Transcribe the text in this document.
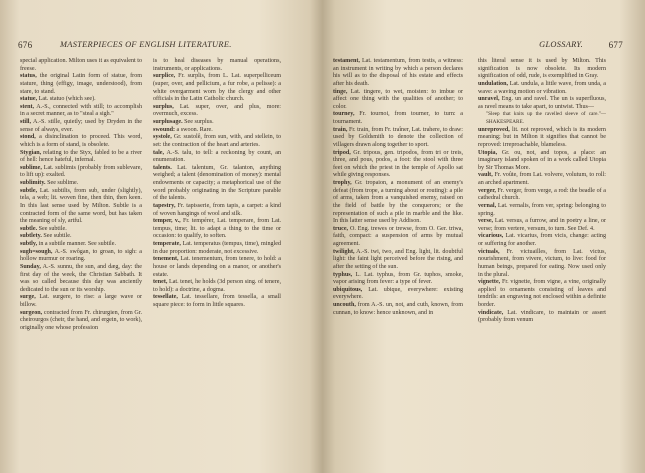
676	MASTERPIECES OF ENGLISH LITERATURE.

special application. Milton uses it as equivalent to freese.

status, the original Latin form of statue, from stature, thing (effigy, image, understood), from stare, to stand.

statue, Lat. statuo (which see).

stent, A.-S., connected with still; to accomplish in a secret manner, as to "steal a sigh."

still, A.-S. stille, quietly; used by Dryden in the sense of always, ever.

stond, a disinclination to proceed. This word, which is a form of stand, is obsolete.

Stygian, relating to the Styx, fabled to be a river of hell: hence hateful, infernal.

sublime, Lat. sublimis (probably from sublevare, to lift up): exalted.

sublimity. See sublime.

subtle, Lat. subtilis, from sub, under (slightly), tela, a web; lit. woven fine, then thin, then keen. In this last sense used by Milton. Subtle is a contracted form of the same word, but has taken the meaning of sly, artful.

subtle. See subtile.

subtlety. See subtile.

subtly, in a subtile manner. See subtile.

sugh=sough, A.-S. swôgan, to groan, to sigh: a hollow murmur or roaring.

Sunday, A.-S. sunnu, the sun, and dæg, day: the first day of the week, the Christian Sabbath. It was so called because this day was anciently dedicated to the sun or its worship.

surge, Lat. surgere, to rise: a large wave or billow.

surgeon, contracted from Fr. chirurgien, from Gr. cheirourgos (cheir, the hand, and ergein, to work), originally one whose profession

is to heal diseases by manual operations, instruments, or applications.

surplice, Fr. surplis, from L. Lat. superpelliceum (super, over, and pellicium, a fur robe, a pelisse): a white overgarment worn by the clergy and other officials in the Latin Catholic church.

surplus, Lat. super, over, and plus, more: overmuch, excess.

surplusage. See surplus.

swound: a swoon. Rare.

systole, Gr. sustolê, from sun, with, and stellein, to set: the contraction of the heart and arteries.

tale, A.-S. talu, to tell: a reckoning by count, an enumeration.

talents. Lat. talentum, Gr. talanton, anything weighed; a talent (denomination of money): mental endowments or capacity; a metaphorical use of the word probably originating in the Scripture parable of the talents.

tapestry, Fr. tapisserie, from tapis, a carpet: a kind of woven hangings of wool and silk.

temper, v., Fr. tempérer, Lat. temperare, from Lat. tempus, time; lit. to adapt a thing to the time or occasion: to qualify, to soften.

temperate, Lat. temperatus (tempus, time), mingled in due proportion: moderate, not excessive.

tenement, Lat. tenementum, from tenere, to hold: a house or lands depending on a manor, or another's estate.

tenet, Lat. tenet, he holds (3d person sing. of tenere, to hold): a doctrine, a dogma.

tessellate, Lat. tessellare, from tessella, a small square piece: to form in little squares.

GLOSSARY.	677

testament, Lat. testamentum, from testis, a witness: an instrument in writing by which a person declares his will as to the disposal of his estate and effects after his death.

tinge, Lat. tingere, to wet, moisten: to imbue or affect one thing with the qualities of another; to color.

tourney, Fr. tournoi, from tourner, to turn: a tournament.

train, Fr. train, from Fr. traîner, Lat. trahere, to draw: used by Goldsmith to denote the collection of villagers drawn along together to sport.

tripod, Gr. tripous, gen. tripodos, from tri or treis, three, and pous, podos, a foot: the stool with three feet on which the priest in the temple of Apollo sat while giving responses.

trophy, Gr. tropaion, a monument of an enemy's defeat (from trope, a turning about or routing): a pile of arms, taken from a vanquished enemy, raised on the field of battle by the conquerors; or the representation of such a pile in marble and the like. In this latter sense used by Addison.

truce, O. Eng. trewes or trewse, from O. Ger. triwa, faith, compact: a suspension of arms by mutual agreement.

twilight, A.-S. twi, two, and Eng. light, lit. doubtful light: the faint light perceived before the rising, and after the setting of the sun.

typhus, L. Lat. typhus, from Gr. tuphos, smoke, vapor arising from fever: a type of fever.

ubiquitous, Lat. ubique, everywhere: existing everywhere.

uncouth, from A.-S. un, not, and cuth, known, from cunnan, to know: hence unknown, and in

this literal sense it is used by Milton. This signification is now obsolete. Its modern signification of odd, rude, is exemplified in Gray.

undulation, Lat. undula, a little wave, from unda, a wave: a waving motion or vibration.

unravel, Eng. un and ravel. The un is superfluous, as ravel means to take apart, to untwist. Thus—

"Sleep that knits up the ravelled sleeve of care."—SHAKESPEARE.

unreproved, lit. not reproved, which is its modern meaning; but in Milton it signifies that cannot be reproved: irreproachable, blameless.

Utopia, Gr. ou, not, and topos, a place: an imaginary island spoken of in a work called Utopia by Sir Thomas More.

vault, Fr. voûte, from Lat. volvere, volutum, to roll: an arched apartment.

verger, Fr. verger, from verge, a rod: the beadle of a cathedral church.

vernal, Lat. vernalis, from ver, spring: belonging to spring.

verse, Lat. versus, a furrow, and in poetry a line, or verse; from vertere, versum, to turn. See Def. 4.

vicarious, Lat. vicarius, from vicis, change: acting or suffering for another.

victuals, Fr. victuailles, from Lat. victus, nourishment, from vivere, victum, to live: food for human beings, prepared for eating. Now used only in the plural.

vignette, Fr. vignette, from vigne, a vine, originally applied to ornaments consisting of leaves and tendrils: an engraving not enclosed within a definite border.

vindicate, Lat. vindicare, to maintain or assert (probably from venum
